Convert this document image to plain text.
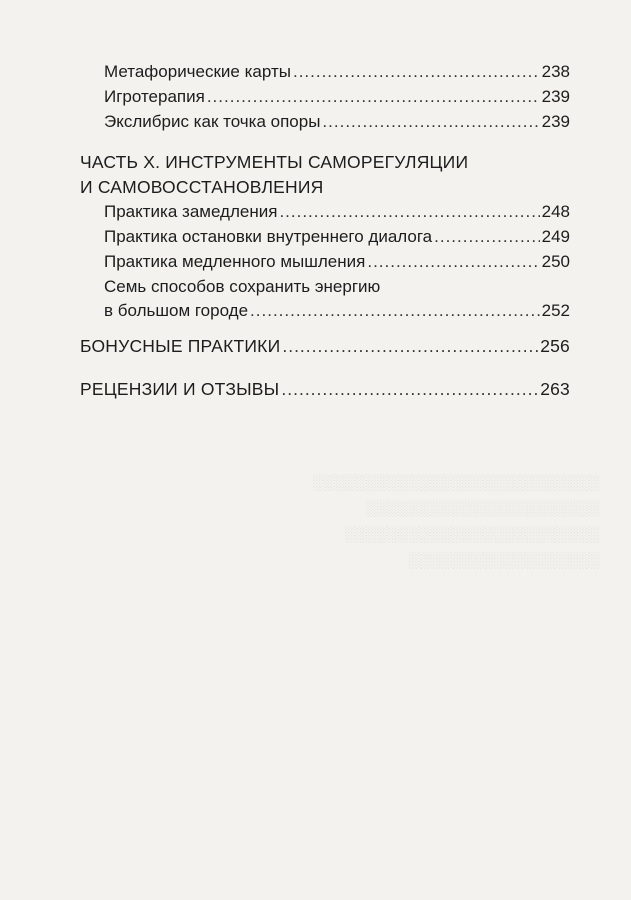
░░░░░░░░░░░░░░░░░░░░░░░░░░░
░░░░░░░░░░░░░░░░░░░░░░
░░░░░░░░░░░░░░░░░░░░░░░░
░░░░░░░░░░░░░░░░░░
Метафорические карты .....	238
Игротерапия .....	239
Экслибрис как точка опоры .....	239
ЧАСТЬ X. ИНСТРУМЕНТЫ САМОРЕГУЛЯЦИИ
И САМОВОССТАНОВЛЕНИЯ
Практика замедления .....	248
Практика остановки внутреннего диалога .....	249
Практика медленного мышления .....	250
Семь способов сохранить энергию
в большом городе .....	252
БОНУСНЫЕ ПРАКТИКИ .....	256
РЕЦЕНЗИИ И ОТЗЫВЫ .....	263
